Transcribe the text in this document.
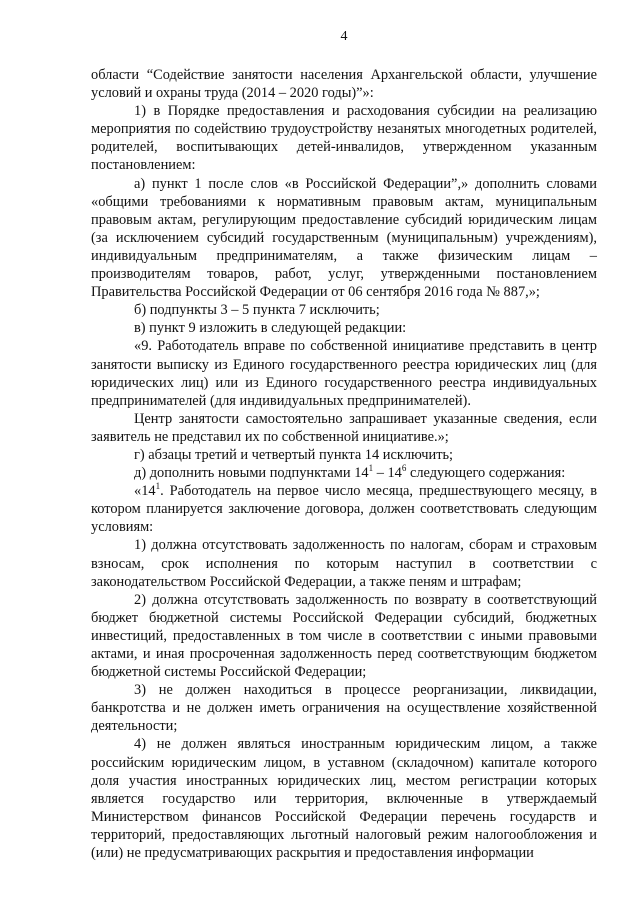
4

области “Содействие занятости населения Архангельской области, улучшение условий и охраны труда (2014 – 2020 годы)”»:

1) в Порядке предоставления и расходования субсидии на реализацию мероприятия по содействию трудоустройству незанятых многодетных родителей, родителей, воспитывающих детей-инвалидов, утвержденном указанным постановлением:

а) пункт 1 после слов «в Российской Федерации”,» дополнить словами «общими требованиями к нормативным правовым актам, муниципальным правовым актам, регулирующим предоставление субсидий юридическим лицам (за исключением субсидий государственным (муниципальным) учреждениям), индивидуальным предпринимателям, а также физическим лицам – производителям товаров, работ, услуг, утвержденными постановлением Правительства Российской Федерации от 06 сентября 2016 года № 887,»;

б) подпункты 3 – 5 пункта 7 исключить;

в) пункт 9 изложить в следующей редакции:

«9. Работодатель вправе по собственной инициативе представить в центр занятости выписку из Единого государственного реестра юридических лиц (для юридических лиц) или из Единого государственного реестра индивидуальных предпринимателей (для индивидуальных предпринимателей).

Центр занятости самостоятельно запрашивает указанные сведения, если заявитель не представил их по собственной инициативе.»;

г) абзацы третий и четвертый пункта 14 исключить;

д) дополнить новыми подпунктами $14^1 - 14^6$ следующего содержания:

«$14^1$. Работодатель на первое число месяца, предшествующего месяцу, в котором планируется заключение договора, должен соответствовать следующим условиям:

1) должна отсутствовать задолженность по налогам, сборам и страховым взносам, срок исполнения по которым наступил в соответствии с законодательством Российской Федерации, а также пеням и штрафам;

2) должна отсутствовать задолженность по возврату в соответствующий бюджет бюджетной системы Российской Федерации субсидий, бюджетных инвестиций, предоставленных в том числе в соответствии с иными правовыми актами, и иная просроченная задолженность перед соответствующим бюджетом бюджетной системы Российской Федерации;

3) не должен находиться в процессе реорганизации, ликвидации, банкротства и не должен иметь ограничения на осуществление хозяйственной деятельности;

4) не должен являться иностранным юридическим лицом, а также российским юридическим лицом, в уставном (складочном) капитале которого доля участия иностранных юридических лиц, местом регистрации которых является государство или территория, включенные в утверждаемый Министерством финансов Российской Федерации перечень государств и территорий, предоставляющих льготный налоговый режим налогообложения и (или) не предусматривающих раскрытия и предоставления информации
